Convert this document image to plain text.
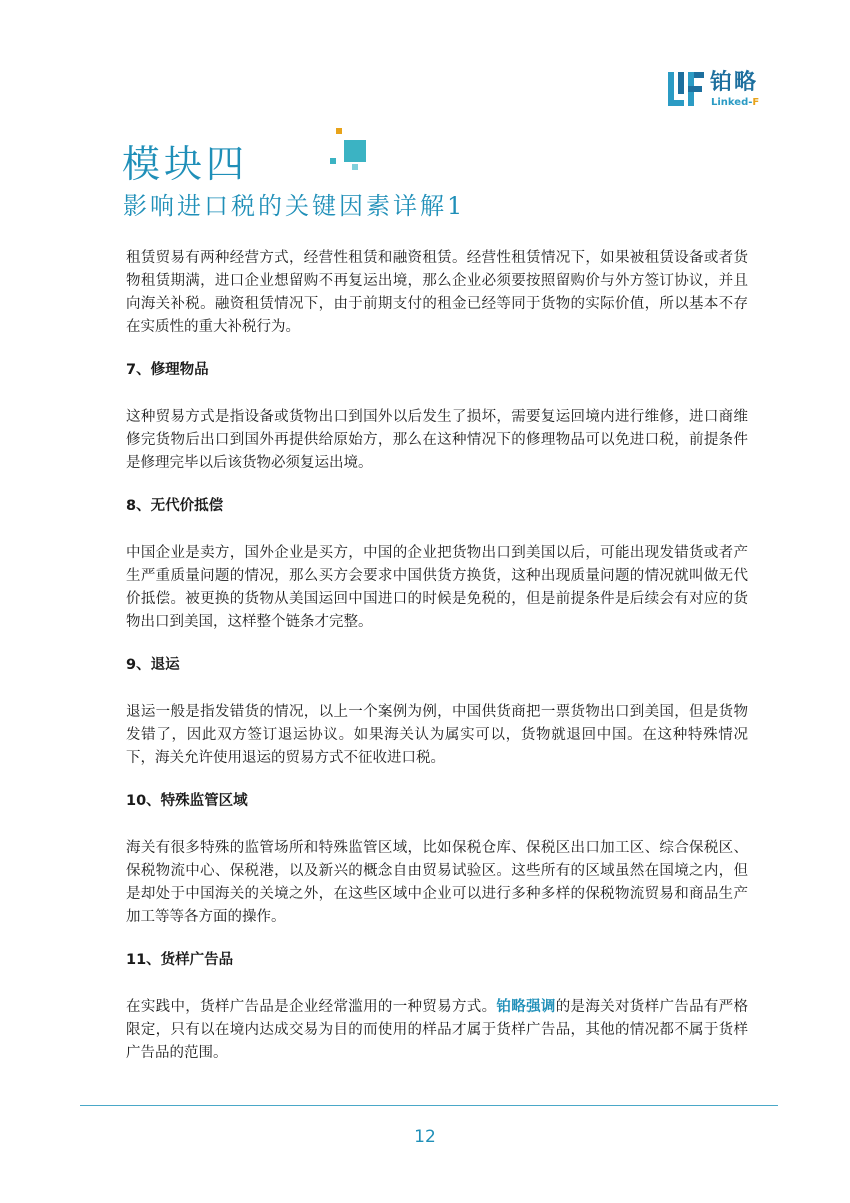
铂略
Linked-F
模块四
影响进口税的关键因素详解1

租赁贸易有两种经营方式，经营性租赁和融资租赁。经营性租赁情况下，如果被租赁设备或者货物租赁期满，进口企业想留购不再复运出境，那么企业必须要按照留购价与外方签订协议，并且向海关补税。融资租赁情况下，由于前期支付的租金已经等同于货物的实际价值，所以基本不存在实质性的重大补税行为。

7、修理物品

这种贸易方式是指设备或货物出口到国外以后发生了损坏，需要复运回境内进行维修，进口商维修完货物后出口到国外再提供给原始方，那么在这种情况下的修理物品可以免进口税，前提条件是修理完毕以后该货物必须复运出境。

8、无代价抵偿

中国企业是卖方，国外企业是买方，中国的企业把货物出口到美国以后，可能出现发错货或者产生严重质量问题的情况，那么买方会要求中国供货方换货，这种出现质量问题的情况就叫做无代价抵偿。被更换的货物从美国运回中国进口的时候是免税的，但是前提条件是后续会有对应的货物出口到美国，这样整个链条才完整。

9、退运

退运一般是指发错货的情况，以上一个案例为例，中国供货商把一票货物出口到美国，但是货物发错了，因此双方签订退运协议。如果海关认为属实可以，货物就退回中国。在这种特殊情况下，海关允许使用退运的贸易方式不征收进口税。

10、特殊监管区域

海关有很多特殊的监管场所和特殊监管区域，比如保税仓库、保税区出口加工区、综合保税区、保税物流中心、保税港，以及新兴的概念自由贸易试验区。这些所有的区域虽然在国境之内，但是却处于中国海关的关境之外，在这些区域中企业可以进行多种多样的保税物流贸易和商品生产加工等等各方面的操作。

11、货样广告品

在实践中，货样广告品是企业经常滥用的一种贸易方式。铂略强调的是海关对货样广告品有严格限定，只有以在境内达成交易为目的而使用的样品才属于货样广告品，其他的情况都不属于货样广告品的范围。

12
